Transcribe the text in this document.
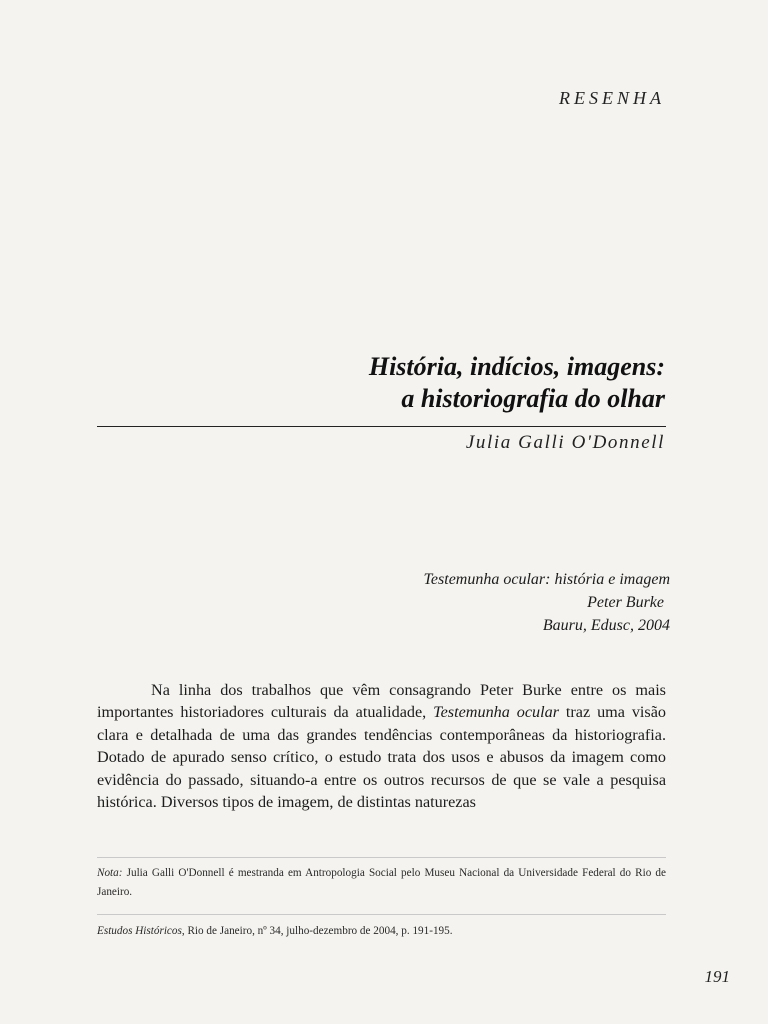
RESENHA
História, indícios, imagens:
a historiografia do olhar
Julia Galli O'Donnell
Testemunha ocular: história e imagem
Peter Burke
Bauru, Edusc, 2004

Na linha dos trabalhos que vêm consagrando Peter Burke entre os mais importantes historiadores culturais da atualidade, Testemunha ocular traz uma visão clara e detalhada de uma das grandes tendências contemporâneas da historiografia. Dotado de apurado senso crítico, o estudo trata dos usos e abusos da imagem como evidência do passado, situando-a entre os outros recursos de que se vale a pesquisa histórica. Diversos tipos de imagem, de distintas naturezas

Nota: Julia Galli O'Donnell é mestranda em Antropologia Social pelo Museu Nacional da Universidade Federal do Rio de Janeiro.
Estudos Históricos, Rio de Janeiro, nº 34, julho-dezembro de 2004, p. 191-195.
191
